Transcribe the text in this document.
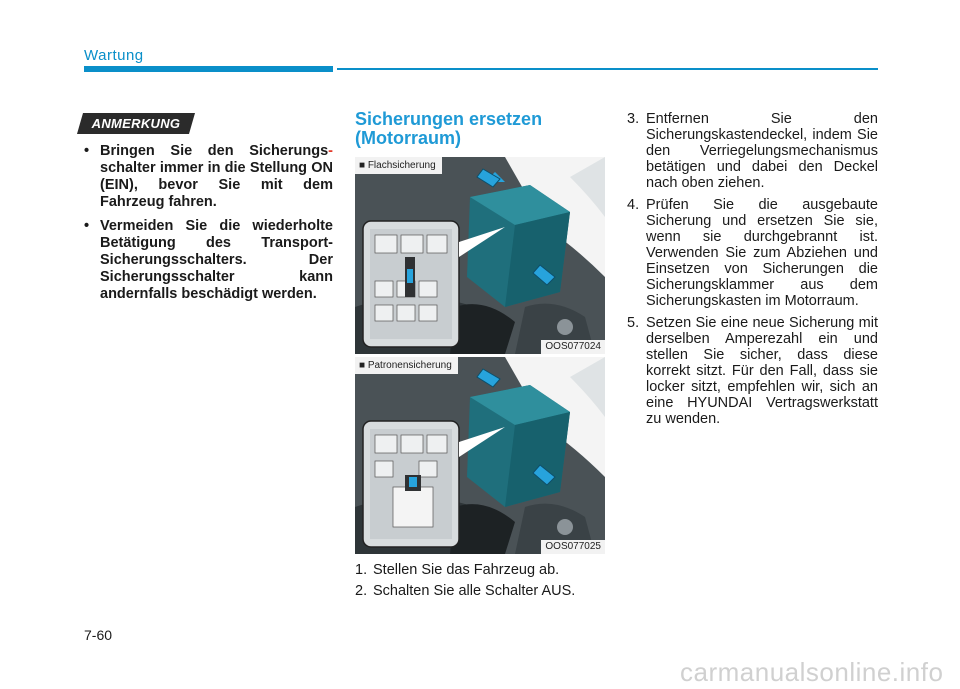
Wartung
ANMERKUNG
• Bringen Sie den Sicherungs- schalter immer in die Stellung ON (EIN), bevor Sie mit dem Fahrzeug fahren.
• Vermeiden Sie die wiederholte Betätigung des Transport-Sicherungsschalters. Der Sicherungsschalter kann andernfalls beschädigt werden.
Sicherungen ersetzen
(Motorraum)
■ Flachsicherung
OOS077024
■ Patronensicherung
OOS077025
1. Stellen Sie das Fahrzeug ab.
2. Schalten Sie alle Schalter AUS.
3. Entfernen Sie den Sicherungskastendeckel, indem Sie den Verriegelungsmechanismus betätigen und dabei den Deckel nach oben ziehen.
4. Prüfen Sie die ausgebaute Sicherung und ersetzen Sie sie, wenn sie durchgebrannt ist. Verwenden Sie zum Abziehen und Einsetzen von Sicherungen die Sicherungsklammer aus dem Sicherungskasten im Motorraum.
5. Setzen Sie eine neue Sicherung mit derselben Amperezahl ein und stellen Sie sicher, dass diese korrekt sitzt. Für den Fall, dass sie locker sitzt, empfehlen wir, sich an eine HYUNDAI Vertragswerkstatt zu wenden.
7-60
carmanualsonline.info
